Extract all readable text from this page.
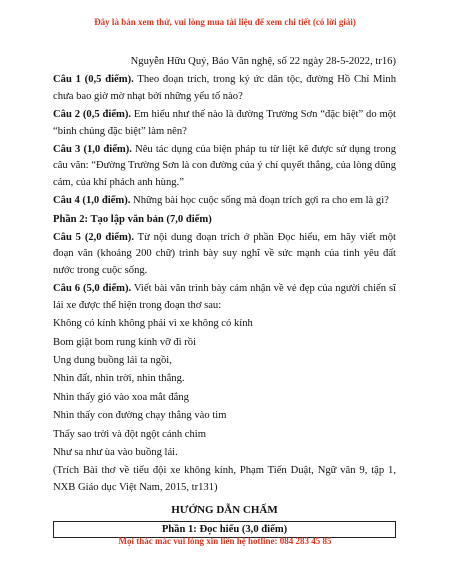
Đây là bản xem thử, vui lòng mua tài liệu để xem chi tiết (có lời giải)
Nguyễn Hữu Quý, Báo Văn nghệ, số 22 ngày 28-5-2022, tr16)
Câu 1 (0,5 điểm). Theo đoạn trích, trong ký ức dân tộc, đường Hồ Chí Minh chưa bao giờ mờ nhạt bởi những yếu tố nào?
Câu 2 (0,5 điểm). Em hiểu như thế nào là đường Trường Sơn “đặc biệt” do một “binh chủng đặc biệt” làm nên?
Câu 3 (1,0 điểm). Nêu tác dụng của biện pháp tu từ liệt kê được sử dụng trong câu văn: “Đường Trường Sơn là con đường của ý chí quyết thắng, của lòng dũng cảm, của khí phách anh hùng.”
Câu 4 (1,0 điểm). Những bài học cuộc sống mà đoạn trích gợi ra cho em là gì?
Phần 2: Tạo lập văn bản (7,0 điểm)
Câu 5 (2,0 điểm). Từ nội dung đoạn trích ở phần Đọc hiểu, em hãy viết một đoạn văn (khoảng 200 chữ) trình bày suy nghĩ về sức mạnh của tình yêu đất nước trong cuộc sống.
Câu 6 (5,0 điểm). Viết bài văn trình bày cảm nhận về vẻ đẹp của người chiến sĩ lái xe được thể hiện trong đoạn thơ sau:
Không có kính không phải vì xe không có kính
Bom giật bom rung kính vỡ đi rồi
Ung dung buồng lái ta ngồi,
Nhìn đất, nhìn trời, nhìn thẳng.
Nhìn thấy gió vào xoa mắt đắng
Nhìn thấy con đường chạy thẳng vào tim
Thấy sao trời và đột ngột cánh chim
Như sa như ùa vào buồng lái.
(Trích Bài thơ về tiểu đội xe không kính, Phạm Tiến Duật, Ngữ văn 9, tập 1, NXB Giáo dục Việt Nam, 2015, tr131)
HƯỚNG DẪN CHẤM
Phần 1: Đọc hiểu (3,0 điểm)
Mọi thắc mắc vui lòng xin liên hệ hotline: 084 283 45 85
